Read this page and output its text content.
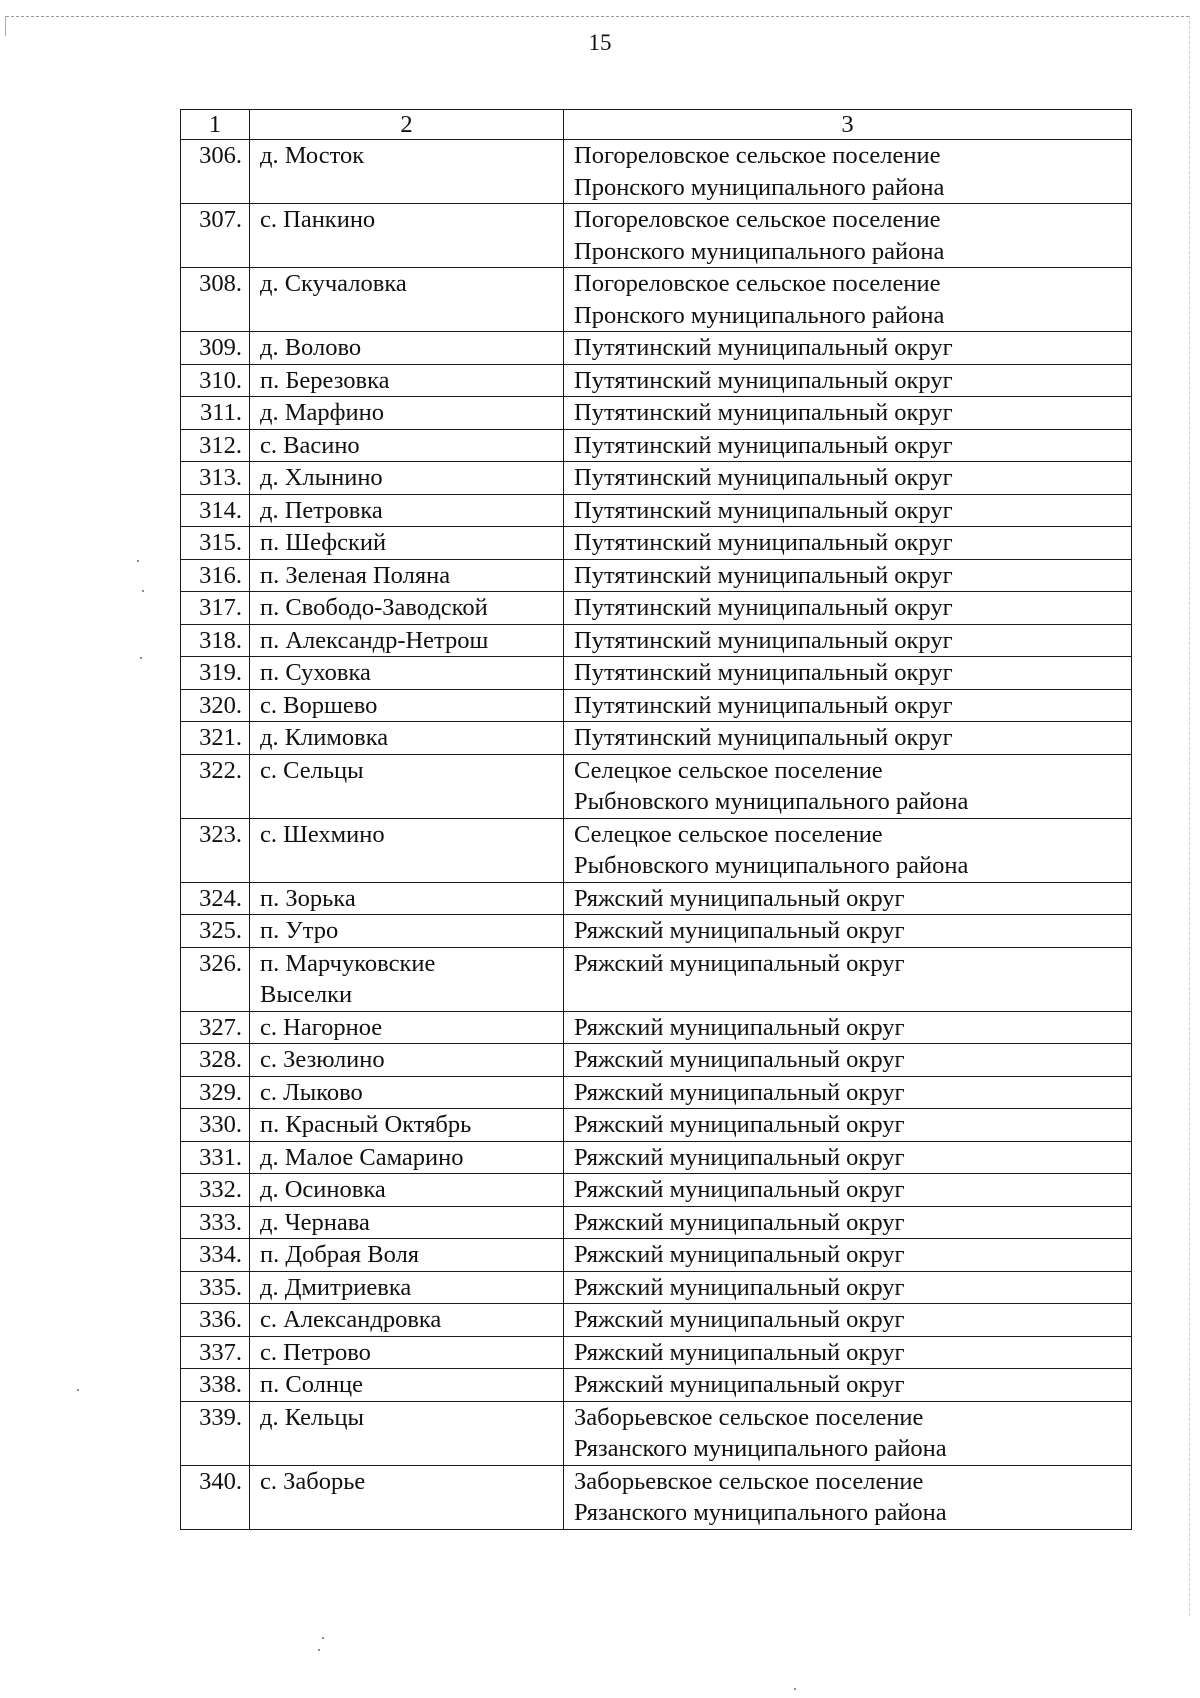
15
1	2	3
306.	д. Мосток	Погореловское сельское поселение
Пронского муниципального района

307.	с. Панкино	Погореловское сельское поселение
Пронского муниципального района

308.	д. Скучаловка	Погореловское сельское поселение
Пронского муниципального района

309.	д. Волово	Путятинский муниципальный округ

310.	п. Березовка	Путятинский муниципальный округ

311.	д. Марфино	Путятинский муниципальный округ

312.	с. Васино	Путятинский муниципальный округ

313.	д. Хлынино	Путятинский муниципальный округ

314.	д. Петровка	Путятинский муниципальный округ

315.	п. Шефский	Путятинский муниципальный округ

316.	п. Зеленая Поляна	Путятинский муниципальный округ

317.	п. Свободо-Заводской	Путятинский муниципальный округ

318.	п. Александр-Нетрош	Путятинский муниципальный округ

319.	п. Суховка	Путятинский муниципальный округ

320.	с. Воршево	Путятинский муниципальный округ

321.	д. Климовка	Путятинский муниципальный округ

322.	с. Сельцы	Селецкое сельское поселение
Рыбновского муниципального района

323.	с. Шехмино	Селецкое сельское поселение
Рыбновского муниципального района

324.	п. Зорька	Ряжский муниципальный округ

325.	п. Утро	Ряжский муниципальный округ

326.	п. Марчуковские
Выселки	Ряжский муниципальный округ

327.	с. Нагорное	Ряжский муниципальный округ

328.	с. Зезюлино	Ряжский муниципальный округ

329.	с. Лыково	Ряжский муниципальный округ

330.	п. Красный Октябрь	Ряжский муниципальный округ

331.	д. Малое Самарино	Ряжский муниципальный округ

332.	д. Осиновка	Ряжский муниципальный округ

333.	д. Чернава	Ряжский муниципальный округ

334.	п. Добрая Воля	Ряжский муниципальный округ

335.	д. Дмитриевка	Ряжский муниципальный округ

336.	с. Александровка	Ряжский муниципальный округ

337.	с. Петрово	Ряжский муниципальный округ

338.	п. Солнце	Ряжский муниципальный округ

339.	д. Кельцы	Заборьевское сельское поселение
Рязанского муниципального района

340.	с. Заборье	Заборьевское сельское поселение
Рязанского муниципального района
